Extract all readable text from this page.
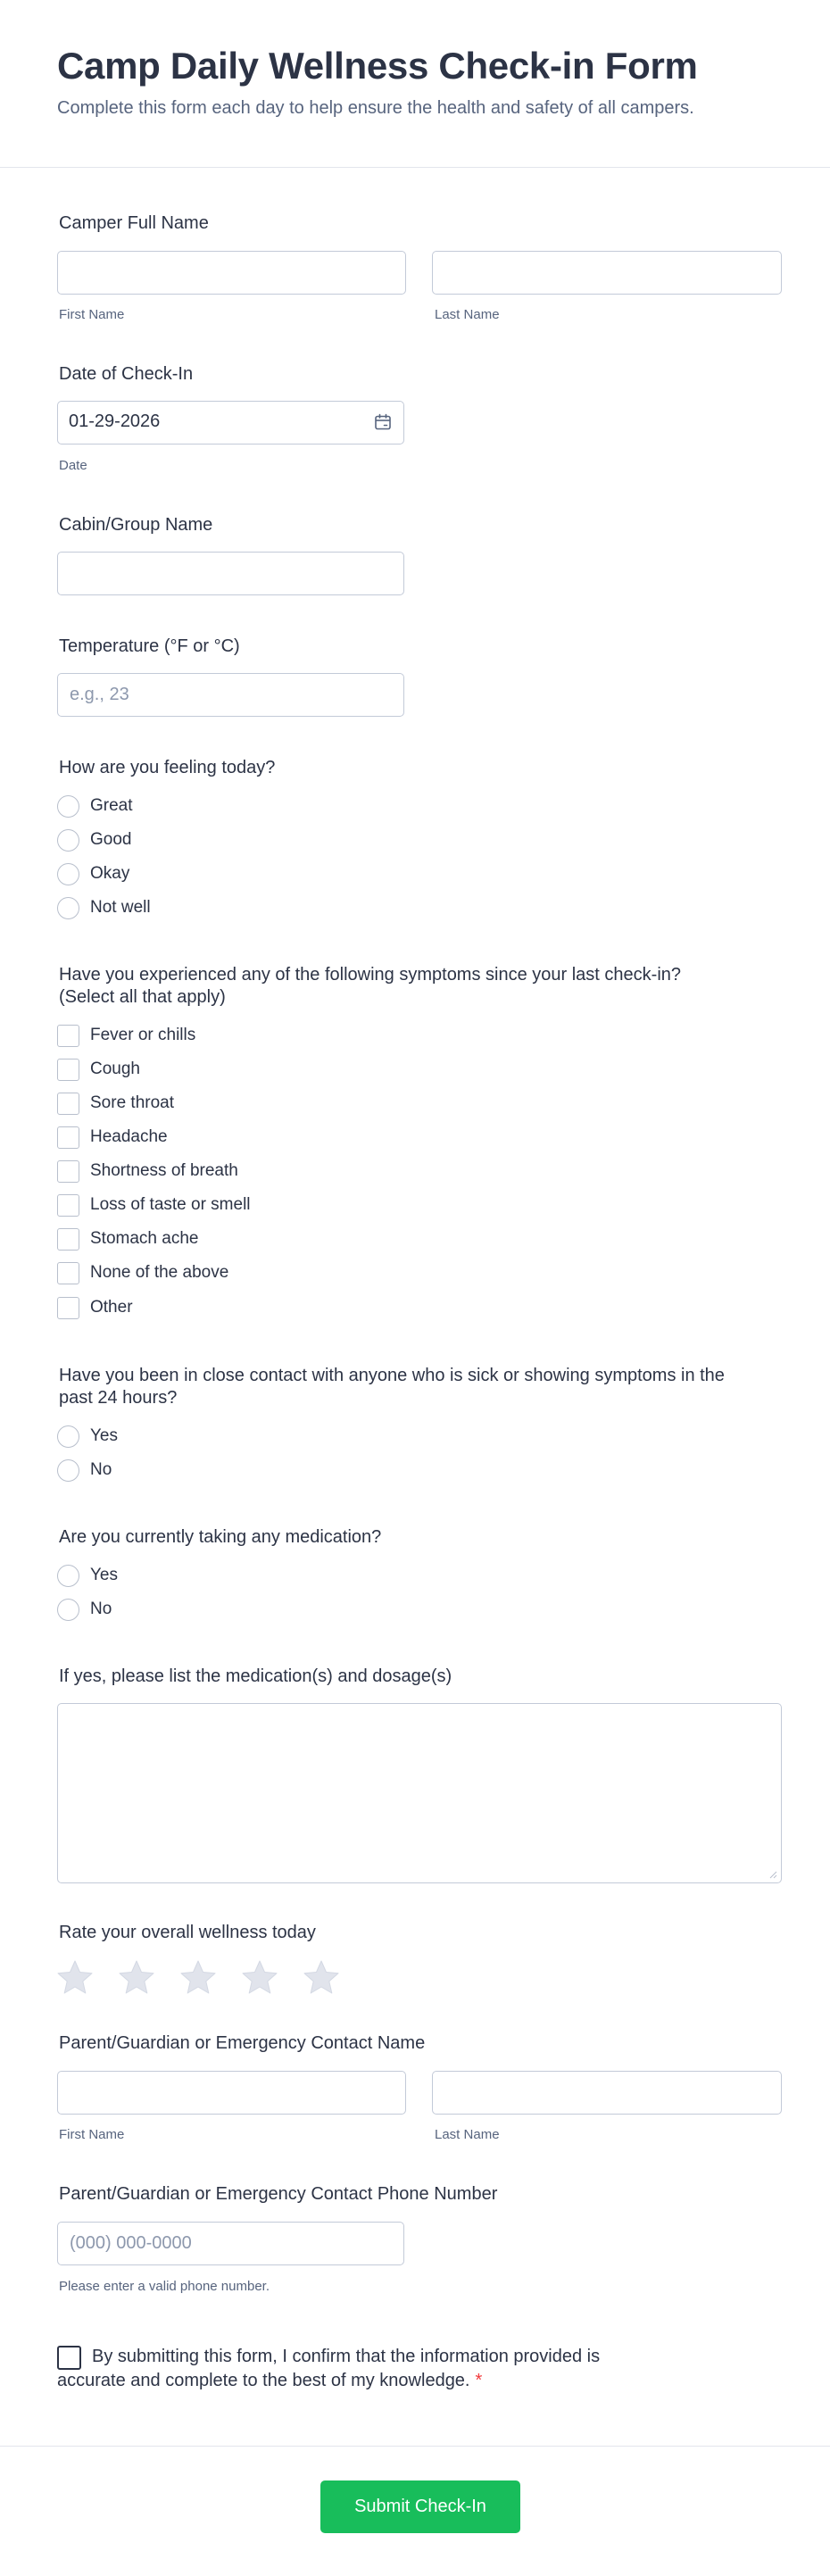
Camp Daily Wellness Check-in Form
Complete this form each day to help ensure the health and safety of all campers.
Camper Full Name
First Name	Last Name
Date of Check-In
01-29-2026
Date
Cabin/Group Name
Temperature (°F or °C)
e.g., 23
How are you feeling today?
Great
Good
Okay
Not well
Have you experienced any of the following symptoms since your last check-in?
(Select all that apply)
Fever or chills
Cough
Sore throat
Headache
Shortness of breath
Loss of taste or smell
Stomach ache
None of the above
Other
Have you been in close contact with anyone who is sick or showing symptoms in the
past 24 hours?
Yes
No
Are you currently taking any medication?
Yes
No
If yes, please list the medication(s) and dosage(s)
Rate your overall wellness today
Parent/Guardian or Emergency Contact Name
First Name	Last Name
Parent/Guardian or Emergency Contact Phone Number
(000) 000-0000
Please enter a valid phone number.
By submitting this form, I confirm that the information provided is accurate and complete to the best of my knowledge. *
Submit Check-In
